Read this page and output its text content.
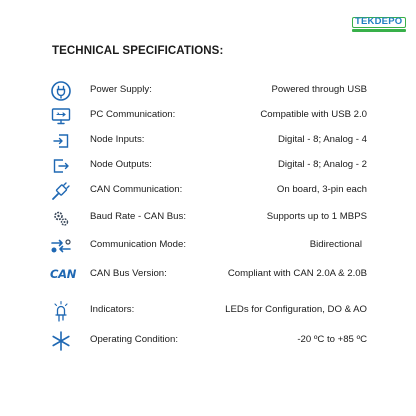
TEKDEPO
TECHNICAL SPECIFICATIONS:
Power Supply:	Powered through USB
PC Communication:	Compatible with USB 2.0
Node Inputs:	Digital - 8; Analog - 4
Node Outputs:	Digital - 8; Analog - 2
CAN Communication:	On board, 3-pin each
Baud Rate - CAN Bus:	Supports up to 1 MBPS
Communication Mode:	Bidirectional
CAN CAN Bus Version:	Compliant with CAN 2.0A & 2.0B
Indicators:	LEDs for Configuration, DO & AO
Operating Condition:	-20 ºC to +85 ºC
